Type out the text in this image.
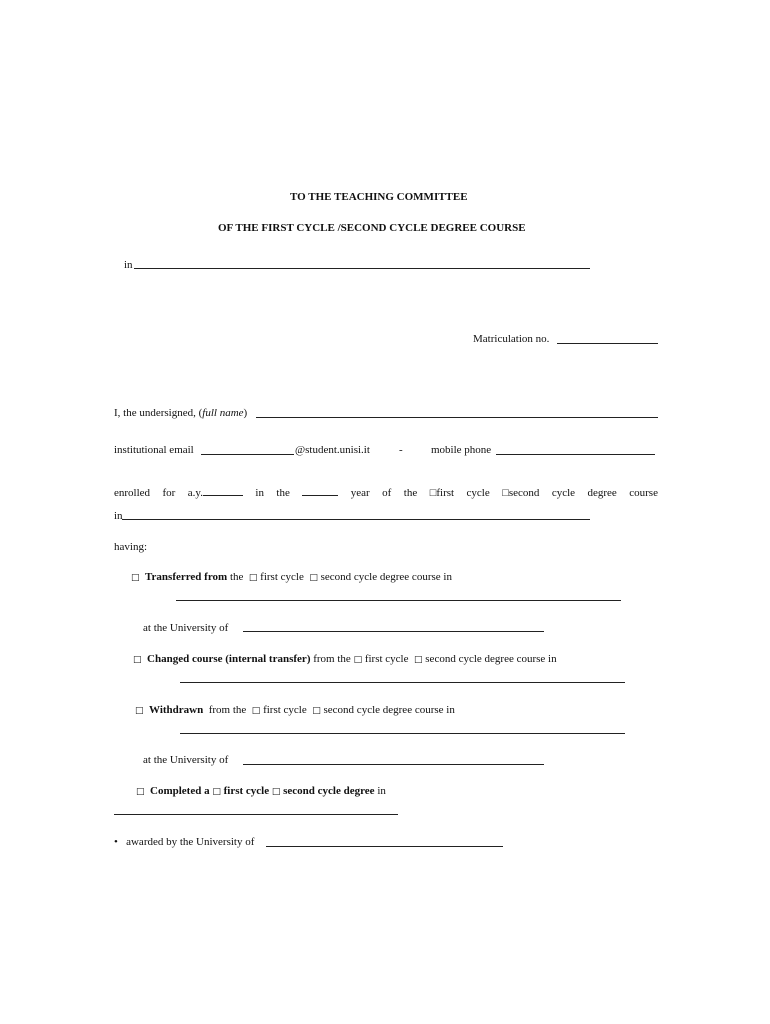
TO THE TEACHING COMMITTEE
OF THE FIRST CYCLE /SECOND CYCLE DEGREE COURSE
in
Matriculation no.
I, the undersigned, (full name)
institutional email	@student.unisi.it	-	mobile phone
enrolled for a.y.	in the	year of the □first cycle □second cycle degree course
in
having:
□ Transferred from the □ first cycle □ second cycle degree course in
at the University of
□ Changed course (internal transfer) from the □ first cycle □ second cycle degree course in
□ Withdrawn from the □ first cycle □ second cycle degree course in
at the University of
□ Completed a □ first cycle □ second cycle degree in
• awarded by the University of
